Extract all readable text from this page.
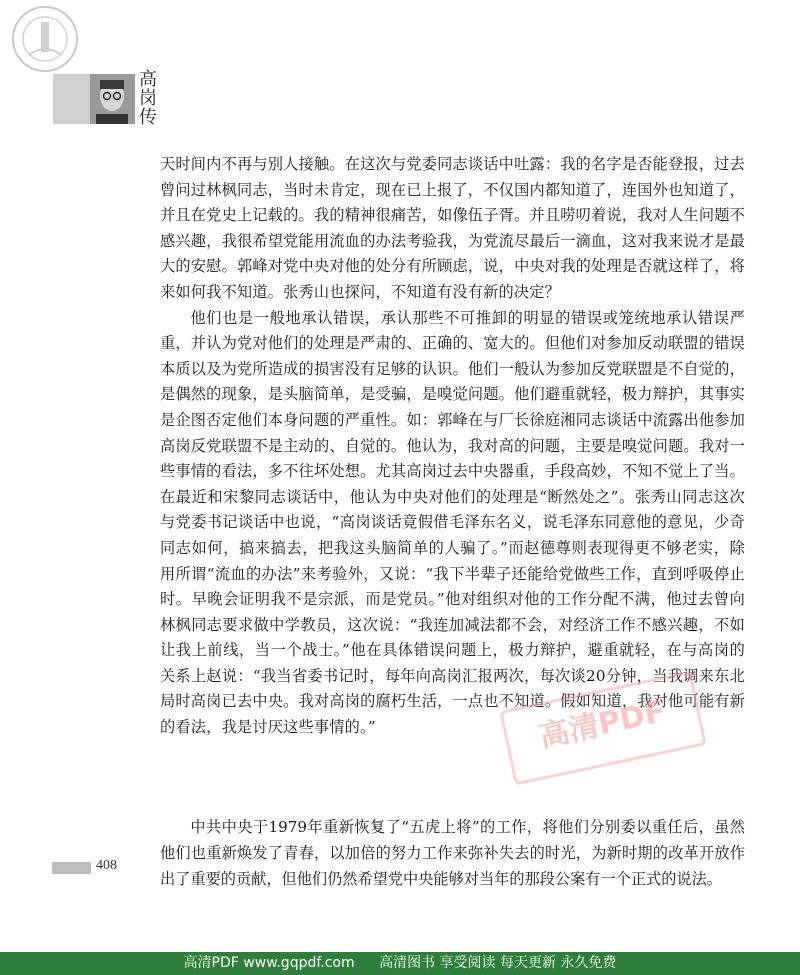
高
岗
传

天时间内不再与别人接触。在这次与党委同志谈话中吐露：我的名字是否能登报，过去曾问过林枫同志，当时未肯定，现在已上报了，不仅国内都知道了，连国外也知道了，并且在党史上记载的。我的精神很痛苦，如像伍子胥。并且唠叨着说，我对人生问题不感兴趣，我很希望党能用流血的办法考验我，为党流尽最后一滴血，这对我来说才是最大的安慰。郭峰对党中央对他的处分有所顾虑，说，中央对我的处理是否就这样了，将来如何我不知道。张秀山也探问，不知道有没有新的决定？

他们也是一般地承认错误，承认那些不可推卸的明显的错误或笼统地承认错误严重，并认为党对他们的处理是严肃的、正确的、宽大的。但他们对参加反动联盟的错误本质以及为党所造成的损害没有足够的认识。他们一般认为参加反党联盟是不自觉的，是偶然的现象，是头脑简单，是受骗，是嗅觉问题。他们避重就轻，极力辩护，其事实是企图否定他们本身问题的严重性。如：郭峰在与厂长徐庭湘同志谈话中流露出他参加高岗反党联盟不是主动的、自觉的。他认为，我对高的问题，主要是嗅觉问题。我对一些事情的看法，多不往坏处想。尤其高岗过去中央器重，手段高妙，不知不觉上了当。在最近和宋黎同志谈话中，他认为中央对他们的处理是“断然处之”。张秀山同志这次与党委书记谈话中也说，“高岗谈话竟假借毛泽东名义，说毛泽东同意他的意见，少奇同志如何，搞来搞去，把我这头脑简单的人骗了。”而赵德尊则表现得更不够老实，除用所谓“流血的办法”来考验外，又说：“我下半辈子还能给党做些工作，直到呼吸停止时。早晚会证明我不是宗派，而是党员。”他对组织对他的工作分配不满，他过去曾向林枫同志要求做中学教员，这次说：“我连加减法都不会，对经济工作不感兴趣，不如让我上前线，当一个战士。”他在具体错误问题上，极力辩护，避重就轻，在与高岗的关系上赵说：“我当省委书记时，每年向高岗汇报两次，每次谈20分钟，当我调来东北局时高岗已去中央。我对高岗的腐朽生活，一点也不知道。假如知道，我对他可能有新的看法，我是讨厌这些事情的。”

中共中央于1979年重新恢复了“五虎上将”的工作，将他们分别委以重任后，虽然他们也重新焕发了青春，以加倍的努力工作来弥补失去的时光，为新时期的改革开放作出了重要的贡献，但他们仍然希望党中央能够对当年的那段公案有一个正式的说法。

408
高清PDF
高清PDF www.gqpdf.com 高清图书 享受阅读 每天更新 永久免费
